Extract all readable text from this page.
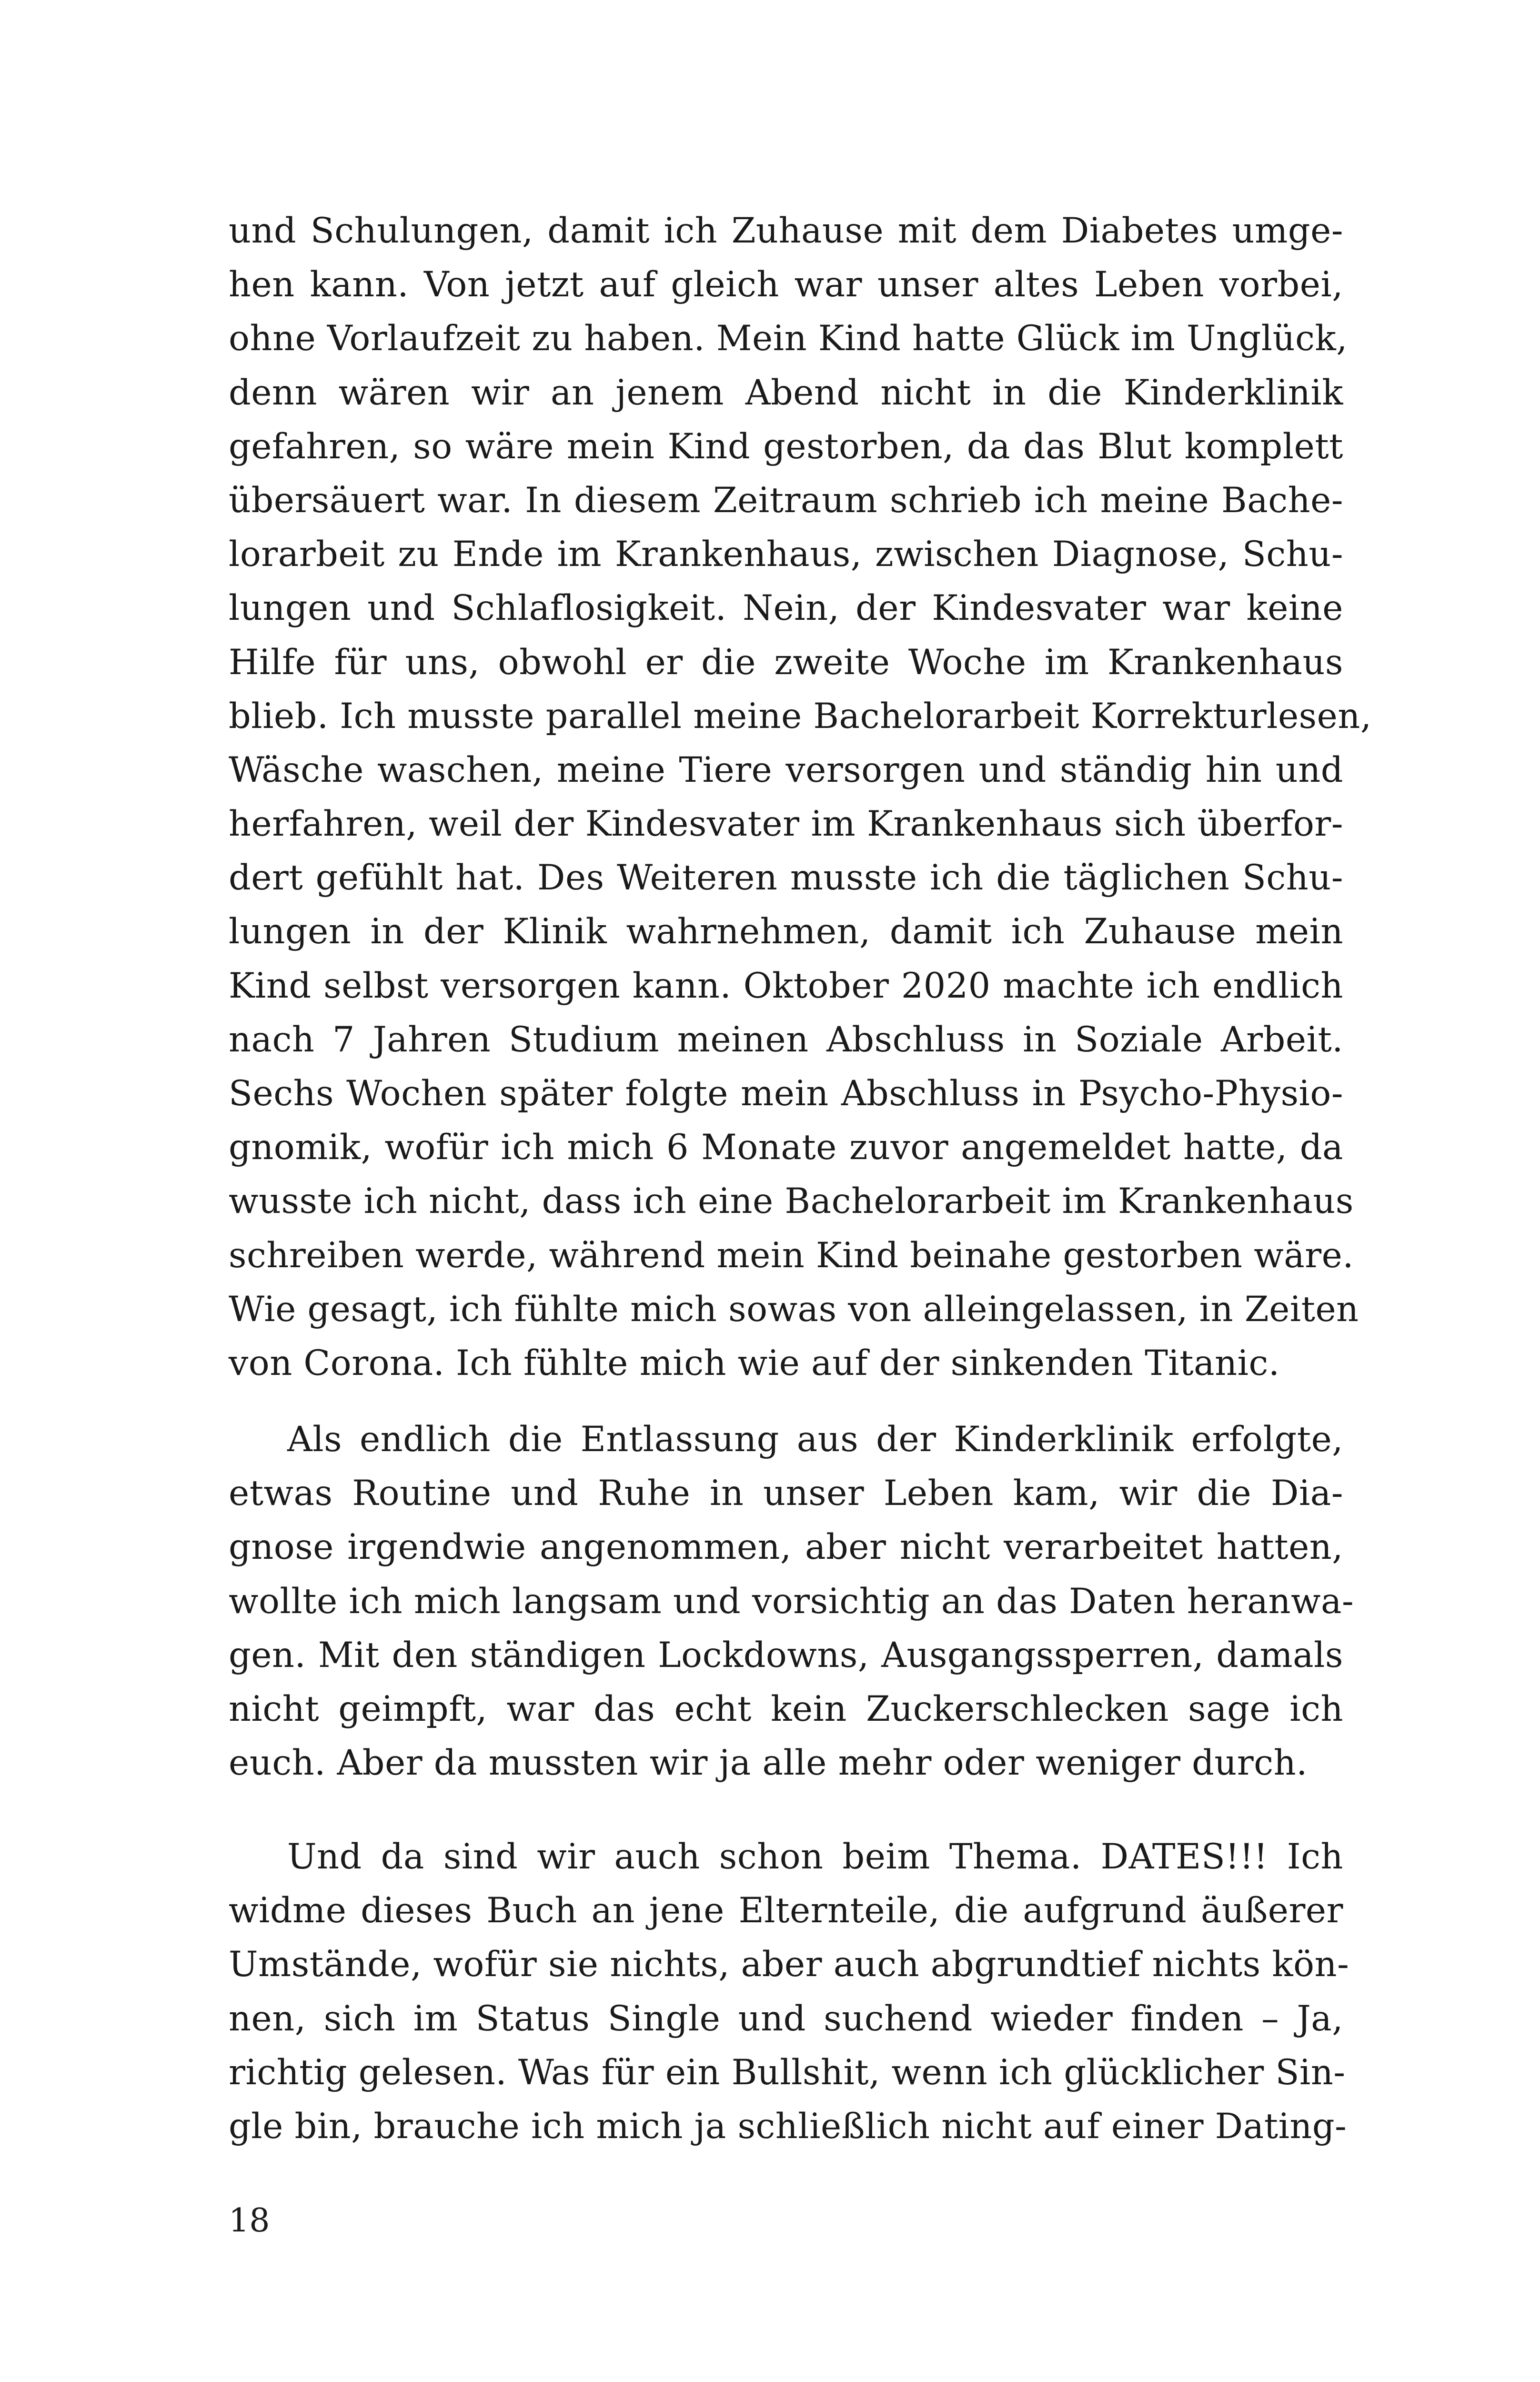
und Schulungen, damit ich Zuhause mit dem Diabetes umge-
hen kann. Von jetzt auf gleich war unser altes Leben vorbei,
ohne Vorlaufzeit zu haben. Mein Kind hatte Glück im Unglück,
denn wären wir an jenem Abend nicht in die Kinderklinik
gefahren, so wäre mein Kind gestorben, da das Blut komplett
übersäuert war. In diesem Zeitraum schrieb ich meine Bache-
lorarbeit zu Ende im Krankenhaus, zwischen Diagnose, Schu-
lungen und Schlaflosigkeit. Nein, der Kindesvater war keine
Hilfe für uns, obwohl er die zweite Woche im Krankenhaus
blieb. Ich musste parallel meine Bachelorarbeit Korrekturlesen,
Wäsche waschen, meine Tiere versorgen und ständig hin und
herfahren, weil der Kindesvater im Krankenhaus sich überfor-
dert gefühlt hat. Des Weiteren musste ich die täglichen Schu-
lungen in der Klinik wahrnehmen, damit ich Zuhause mein
Kind selbst versorgen kann. Oktober 2020 machte ich endlich
nach 7 Jahren Studium meinen Abschluss in Soziale Arbeit.
Sechs Wochen später folgte mein Abschluss in Psycho-Physio-
gnomik, wofür ich mich 6 Monate zuvor angemeldet hatte, da
wusste ich nicht, dass ich eine Bachelorarbeit im Krankenhaus
schreiben werde, während mein Kind beinahe gestorben wäre.
Wie gesagt, ich fühlte mich sowas von alleingelassen, in Zeiten
von Corona. Ich fühlte mich wie auf der sinkenden Titanic.
Als endlich die Entlassung aus der Kinderklinik erfolgte,
etwas Routine und Ruhe in unser Leben kam, wir die Dia-
gnose irgendwie angenommen, aber nicht verarbeitet hatten,
wollte ich mich langsam und vorsichtig an das Daten heranwa-
gen. Mit den ständigen Lockdowns, Ausgangssperren, damals
nicht geimpft, war das echt kein Zuckerschlecken sage ich
euch. Aber da mussten wir ja alle mehr oder weniger durch.
Und da sind wir auch schon beim Thema. DATES!!! Ich
widme dieses Buch an jene Elternteile, die aufgrund äußerer
Umstände, wofür sie nichts, aber auch abgrundtief nichts kön-
nen, sich im Status Single und suchend wieder finden – Ja,
richtig gelesen. Was für ein Bullshit, wenn ich glücklicher Sin-
gle bin, brauche ich mich ja schließlich nicht auf einer Dating-
18
